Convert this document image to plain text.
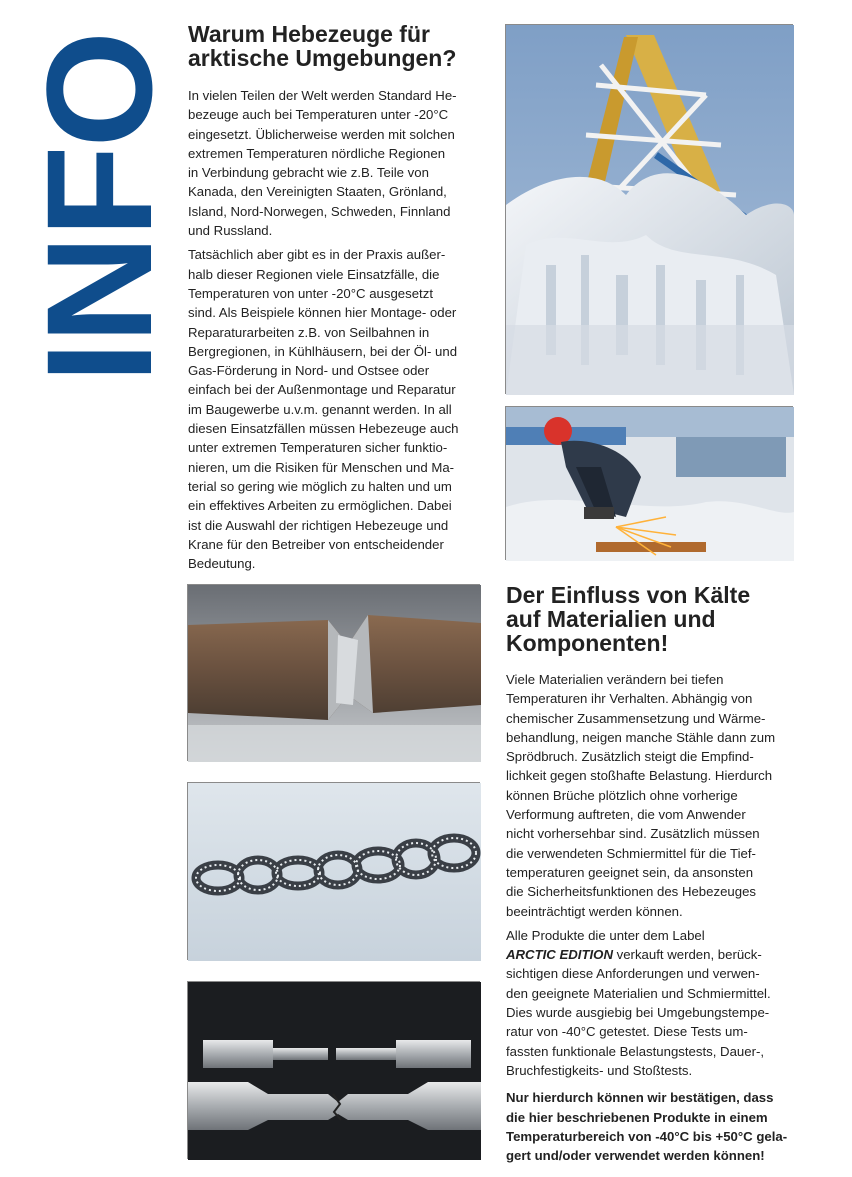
INFO Warum Hebezeuge für
arktische Umgebungen?

In vielen Teilen der Welt werden Standard He-
bezeuge auch bei Temperaturen unter -20°C
eingesetzt. Üblicherweise werden mit solchen
extremen Temperaturen nördliche Regionen
in Verbindung gebracht wie z.B. Teile von
Kanada, den Vereinigten Staaten, Grönland,
Island, Nord-Norwegen, Schweden, Finnland
und Russland.

Tatsächlich aber gibt es in der Praxis außer-
halb dieser Regionen viele Einsatzfälle, die
Temperaturen von unter -20°C ausgesetzt
sind. Als Beispiele können hier Montage- oder
Reparaturarbeiten z.B. von Seilbahnen in
Bergregionen, in Kühlhäusern, bei der Öl- und
Gas-Förderung in Nord- und Ostsee oder
einfach bei der Außenmontage und Reparatur
im Baugewerbe u.v.m. genannt werden. In all
diesen Einsatzfällen müssen Hebezeuge auch
unter extremen Temperaturen sicher funktio-
nieren, um die Risiken für Menschen und Ma-
terial so gering wie möglich zu halten und um
ein effektives Arbeiten zu ermöglichen. Dabei
ist die Auswahl der richtigen Hebezeuge und
Krane für den Betreiber von entscheidender
Bedeutung.

Der Einfluss von Kälte
auf Materialien und
Komponenten!

Viele Materialien verändern bei tiefen
Temperaturen ihr Verhalten. Abhängig von
chemischer Zusammensetzung und Wärme-
behandlung, neigen manche Stähle dann zum
Sprödbruch. Zusätzlich steigt die Empfind-
lichkeit gegen stoßhafte Belastung. Hierdurch
können Brüche plötzlich ohne vorherige
Verformung auftreten, die vom Anwender
nicht vorhersehbar sind. Zusätzlich müssen
die verwendeten Schmiermittel für die Tief-
temperaturen geeignet sein, da ansonsten
die Sicherheitsfunktionen des Hebezeuges
beeinträchtigt werden können.

Alle Produkte die unter dem Label
ARCTIC EDITION verkauft werden, berück-
sichtigen diese Anforderungen und verwen-
den geeignete Materialien und Schmiermittel.
Dies wurde ausgiebig bei Umgebungstempe-
ratur von -40°C getestet. Diese Tests um-
fassten funktionale Belastungstests, Dauer-,
Bruchfestigkeits- und Stoßtests.

Nur hierdurch können wir bestätigen, dass
die hier beschriebenen Produkte in einem
Temperaturbereich von -40°C bis +50°C gela-
gert und/oder verwendet werden können!
